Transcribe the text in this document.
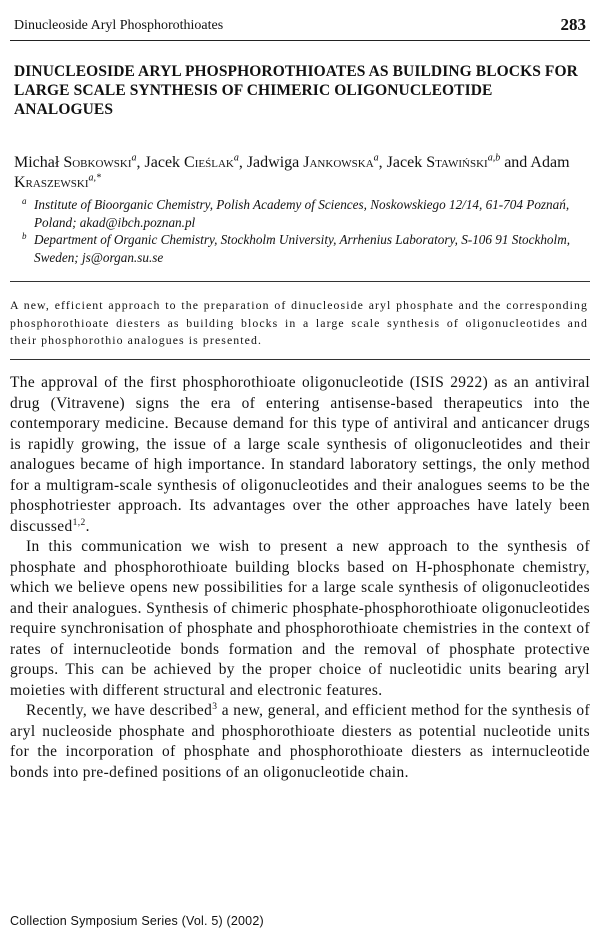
Dinucleoside Aryl Phosphorothioates	283
DINUCLEOSIDE ARYL PHOSPHOROTHIOATES AS BUILDING BLOCKS FOR LARGE SCALE SYNTHESIS OF CHIMERIC OLIGONUCLEOTIDE ANALOGUES
Michał Sobkowski$^a$, Jacek Cieślak$^a$, Jadwiga Jankowska$^a$, Jacek Stawiński$^{a,b}$ and Adam Kraszewski$^{a,*}$
a Institute of Bioorganic Chemistry, Polish Academy of Sciences, Noskowskiego 12/14, 61-704 Poznań, Poland; akad@ibch.poznan.pl
b Department of Organic Chemistry, Stockholm University, Arrhenius Laboratory, S-106 91 Stockholm, Sweden; js@organ.su.se
A new, efficient approach to the preparation of dinucleoside aryl phosphate and the corresponding phosphorothioate diesters as building blocks in a large scale synthesis of oligonucleotides and their phosphorothio analogues is presented.

The approval of the first phosphorothioate oligonucleotide (ISIS 2922) as an antiviral drug (Vitravene) signs the era of entering antisense-based therapeutics into the contemporary medicine. Because demand for this type of antiviral and anticancer drugs is rapidly growing, the issue of a large scale synthesis of oligonucleotides and their analogues became of high importance. In standard laboratory settings, the only method for a multigram-scale synthesis of oligonucleotides and their analogues seems to be the phosphotriester approach. Its advantages over the other approaches have lately been discussed$^{1,2}$.

In this communication we wish to present a new approach to the synthesis of phosphate and phosphorothioate building blocks based on H-phosphonate chemistry, which we believe opens new possibilities for a large scale synthesis of oligonucleotides and their analogues. Synthesis of chimeric phosphate-phosphorothioate oligonucleotides require synchronisation of phosphate and phosphorothioate chemistries in the context of rates of internucleotide bonds formation and the removal of phosphate protective groups. This can be achieved by the proper choice of nucleotidic units bearing aryl moieties with different structural and electronic features.

Recently, we have described$^3$ a new, general, and efficient method for the synthesis of aryl nucleoside phosphate and phosphorothioate diesters as potential nucleotide units for the incorporation of phosphate and phosphorothioate diesters as internucleotide bonds into pre-defined positions of an oligonucleotide chain.

Collection Symposium Series (Vol. 5) (2002)
